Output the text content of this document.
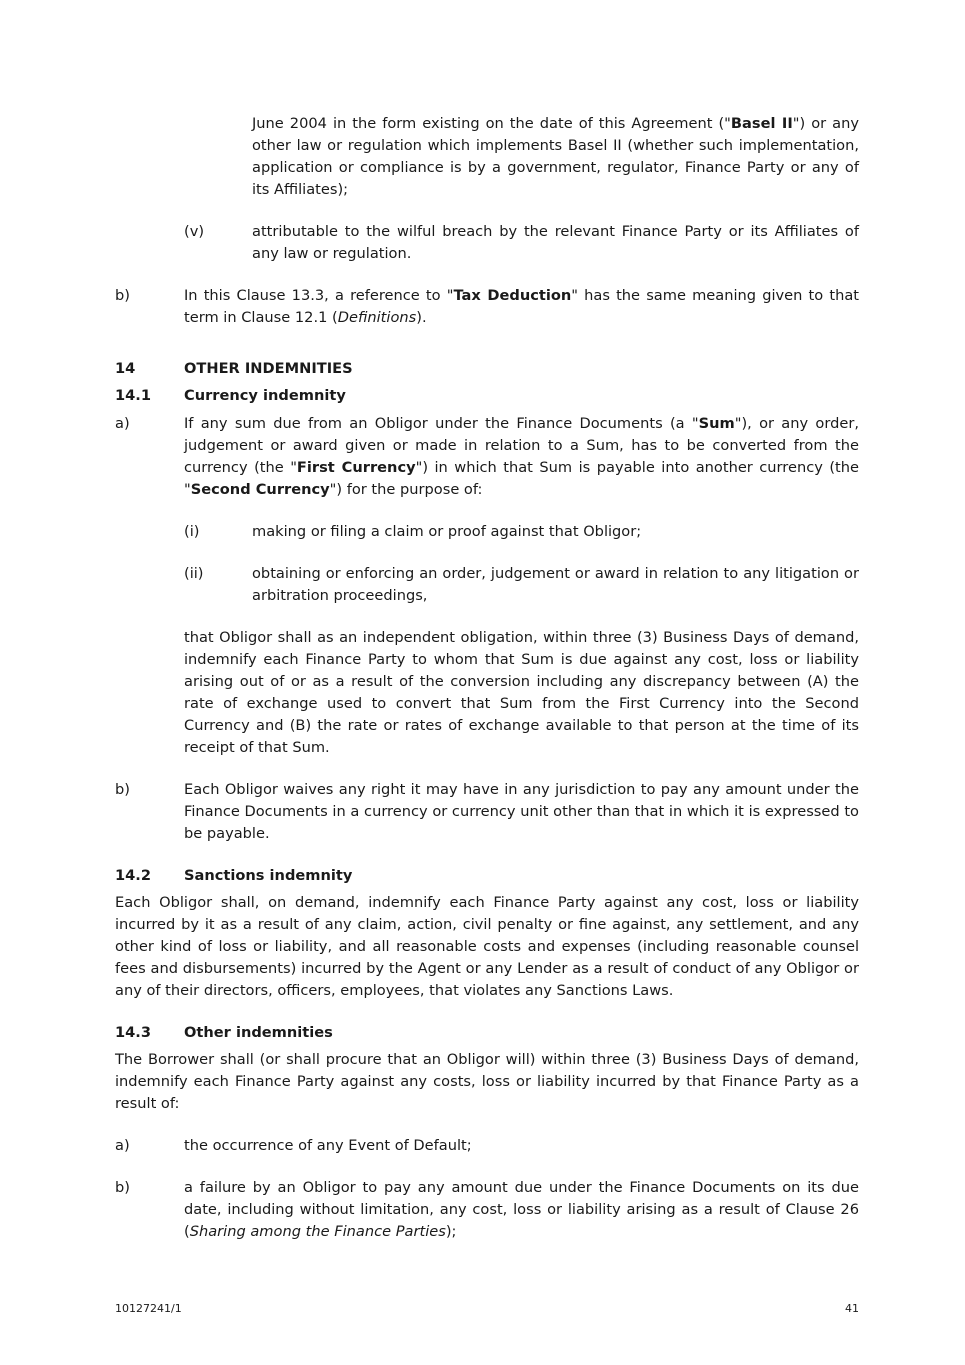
June 2004 in the form existing on the date of this Agreement ("Basel II") or any other law or regulation which implements Basel II (whether such implementation, application or compliance is by a government, regulator, Finance Party or any of its Affiliates);

(v)	attributable to the wilful breach by the relevant Finance Party or its Affiliates of any law or regulation.

b)	In this Clause 13.3, a reference to "Tax Deduction" has the same meaning given to that term in Clause 12.1 (Definitions).

14	OTHER INDEMNITIES

14.1 Currency indemnity

a)	If any sum due from an Obligor under the Finance Documents (a "Sum"), or any order, judgement or award given or made in relation to a Sum, has to be converted from the currency (the "First Currency") in which that Sum is payable into another currency (the "Second Currency") for the purpose of:

(i)	making or filing a claim or proof against that Obligor;

(ii)	obtaining or enforcing an order, judgement or award in relation to any litigation or arbitration proceedings,

that Obligor shall as an independent obligation, within three (3) Business Days of demand, indemnify each Finance Party to whom that Sum is due against any cost, loss or liability arising out of or as a result of the conversion including any discrepancy between (A) the rate of exchange used to convert that Sum from the First Currency into the Second Currency and (B) the rate or rates of exchange available to that person at the time of its receipt of that Sum.

b)	Each Obligor waives any right it may have in any jurisdiction to pay any amount under the Finance Documents in a currency or currency unit other than that in which it is expressed to be payable.

14.2 Sanctions indemnity

Each Obligor shall, on demand, indemnify each Finance Party against any cost, loss or liability incurred by it as a result of any claim, action, civil penalty or fine against, any settlement, and any other kind of loss or liability, and all reasonable costs and expenses (including reasonable counsel fees and disbursements) incurred by the Agent or any Lender as a result of conduct of any Obligor or any of their directors, officers, employees, that violates any Sanctions Laws.

14.3 Other indemnities

The Borrower shall (or shall procure that an Obligor will) within three (3) Business Days of demand, indemnify each Finance Party against any costs, loss or liability incurred by that Finance Party as a result of:

a)	the occurrence of any Event of Default;

b)	a failure by an Obligor to pay any amount due under the Finance Documents on its due date, including without limitation, any cost, loss or liability arising as a result of Clause 26 (Sharing among the Finance Parties);

10127241/1	41
